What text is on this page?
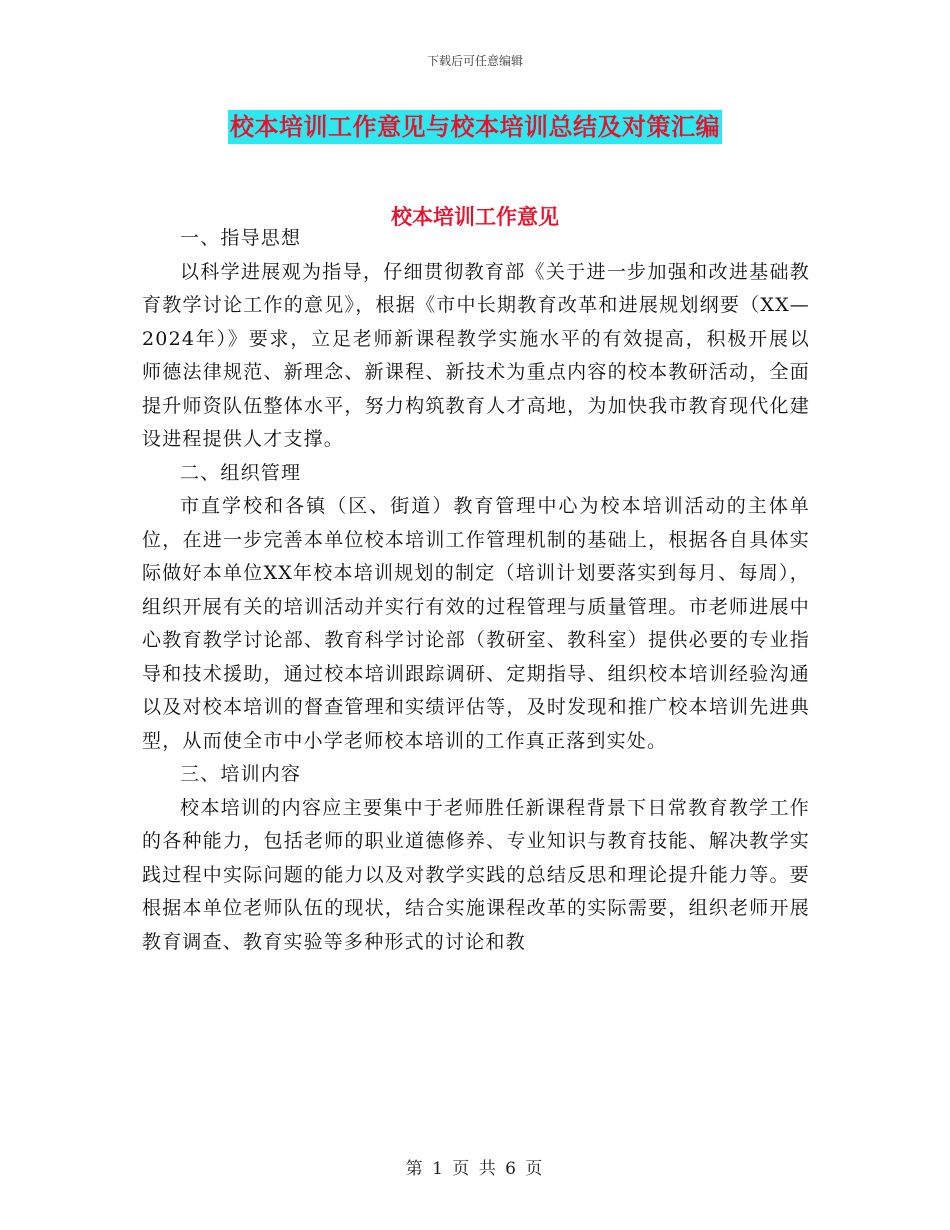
下载后可任意编辑
校本培训工作意见与校本培训总结及对策汇编
校本培训工作意见

一、指导思想

以科学进展观为指导，仔细贯彻教育部《关于进一步加强和改进基础教育教学讨论工作的意见》，根据《市中长期教育改革和进展规划纲要（XX—2024年）》要求，立足老师新课程教学实施水平的有效提高，积极开展以师德法律规范、新理念、新课程、新技术为重点内容的校本教研活动，全面提升师资队伍整体水平，努力构筑教育人才高地，为加快我市教育现代化建设进程提供人才支撑。

二、组织管理

市直学校和各镇（区、街道）教育管理中心为校本培训活动的主体单位，在进一步完善本单位校本培训工作管理机制的基础上，根据各自具体实际做好本单位XX年校本培训规划的制定（培训计划要落实到每月、每周），组织开展有关的培训活动并实行有效的过程管理与质量管理。市老师进展中心教育教学讨论部、教育科学讨论部（教研室、教科室）提供必要的专业指导和技术援助，通过校本培训跟踪调研、定期指导、组织校本培训经验沟通以及对校本培训的督查管理和实绩评估等，及时发现和推广校本培训先进典型，从而使全市中小学老师校本培训的工作真正落到实处。

三、培训内容

校本培训的内容应主要集中于老师胜任新课程背景下日常教育教学工作的各种能力，包括老师的职业道德修养、专业知识与教育技能、解决教学实践过程中实际问题的能力以及对教学实践的总结反思和理论提升能力等。要根据本单位老师队伍的现状，结合实施课程改革的实际需要，组织老师开展教育调查、教育实验等多种形式的讨论和教

第 1 页 共 6 页
